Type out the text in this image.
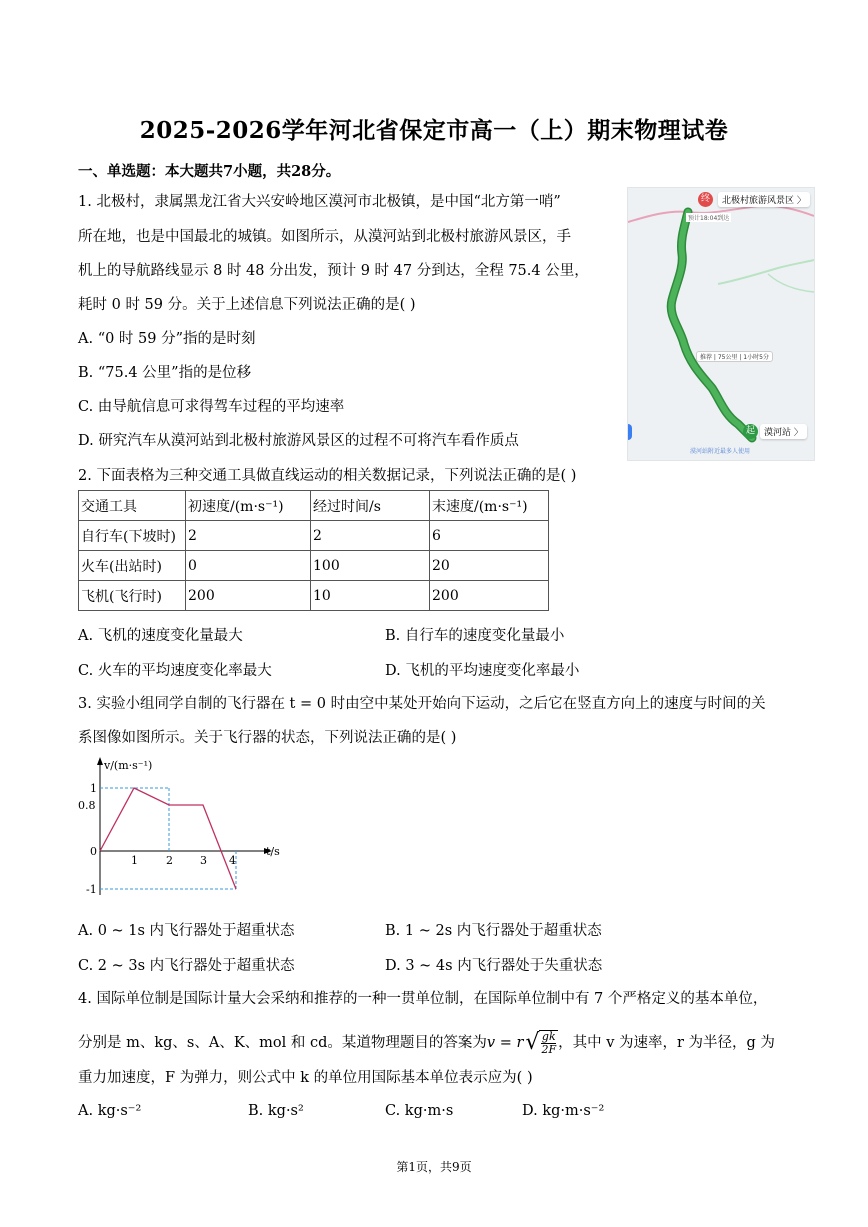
2025-2026学年河北省保定市高一（上）期末物理试卷
一、单选题：本大题共7小题，共28分。
1. 北极村，隶属黑龙江省大兴安岭地区漠河市北极镇，是中国“北方第一哨”
所在地，也是中国最北的城镇。如图所示，从漠河站到北极村旅游风景区，手
机上的导航路线显示 8 时 48 分出发，预计 9 时 47 分到达，全程 75.4 公里，
耗时 0 时 59 分。关于上述信息下列说法正确的是( )
A. “0 时 59 分”指的是时刻
B. “75.4 公里”指的是位移
C. 由导航信息可求得驾车过程的平均速率
D. 研究汽车从漠河站到北极村旅游风景区的过程不可将汽车看作质点
终	北极村旅游风景区 〉
预计18:04到达
推荐 | 75公里 | 1小时5分
起	漠河站 〉
漠河站附近最多人使用
2. 下面表格为三种交通工具做直线运动的相关数据记录，下列说法正确的是( )
交通工具	初速度/(m·s⁻¹)	经过时间/s	末速度/(m·s⁻¹)
自行车(下坡时)	2	2	6
火车(出站时)	0	100	20
飞机(飞行时)	200	10	200
A. 飞机的速度变化量最大	B. 自行车的速度变化量最小
C. 火车的平均速度变化率最大	D. 飞机的平均速度变化率最小
3. 实验小组同学自制的飞行器在 t = 0 时由空中某处开始向下运动，之后它在竖直方向上的速度与时间的关
系图像如图所示。关于飞行器的状态，下列说法正确的是( )
v/(m·s⁻¹)
t/s
1	2 3 4
1
0.8
0
-1
A. 0 ~ 1s 内飞行器处于超重状态	B. 1 ~ 2s 内飞行器处于超重状态
C. 2 ~ 3s 内飞行器处于超重状态	D. 3 ~ 4s 内飞行器处于失重状态
4. 国际单位制是国际计量大会采纳和推荐的一种一贯单位制，在国际单位制中有 7 个严格定义的基本单位，
分别是 m、kg、s、A、K、mol 和 cd。某道物理题目的答案为 v = r √ $\frac{gk}{2F}$ ，其中 v 为速率，r 为半径，g 为
重力加速度，F 为弹力，则公式中 k 的单位用国际基本单位表示应为( )
A. kg·s⁻²	B. kg·s²	C. kg·m·s	D. kg·m·s⁻²
第1页，共9页
